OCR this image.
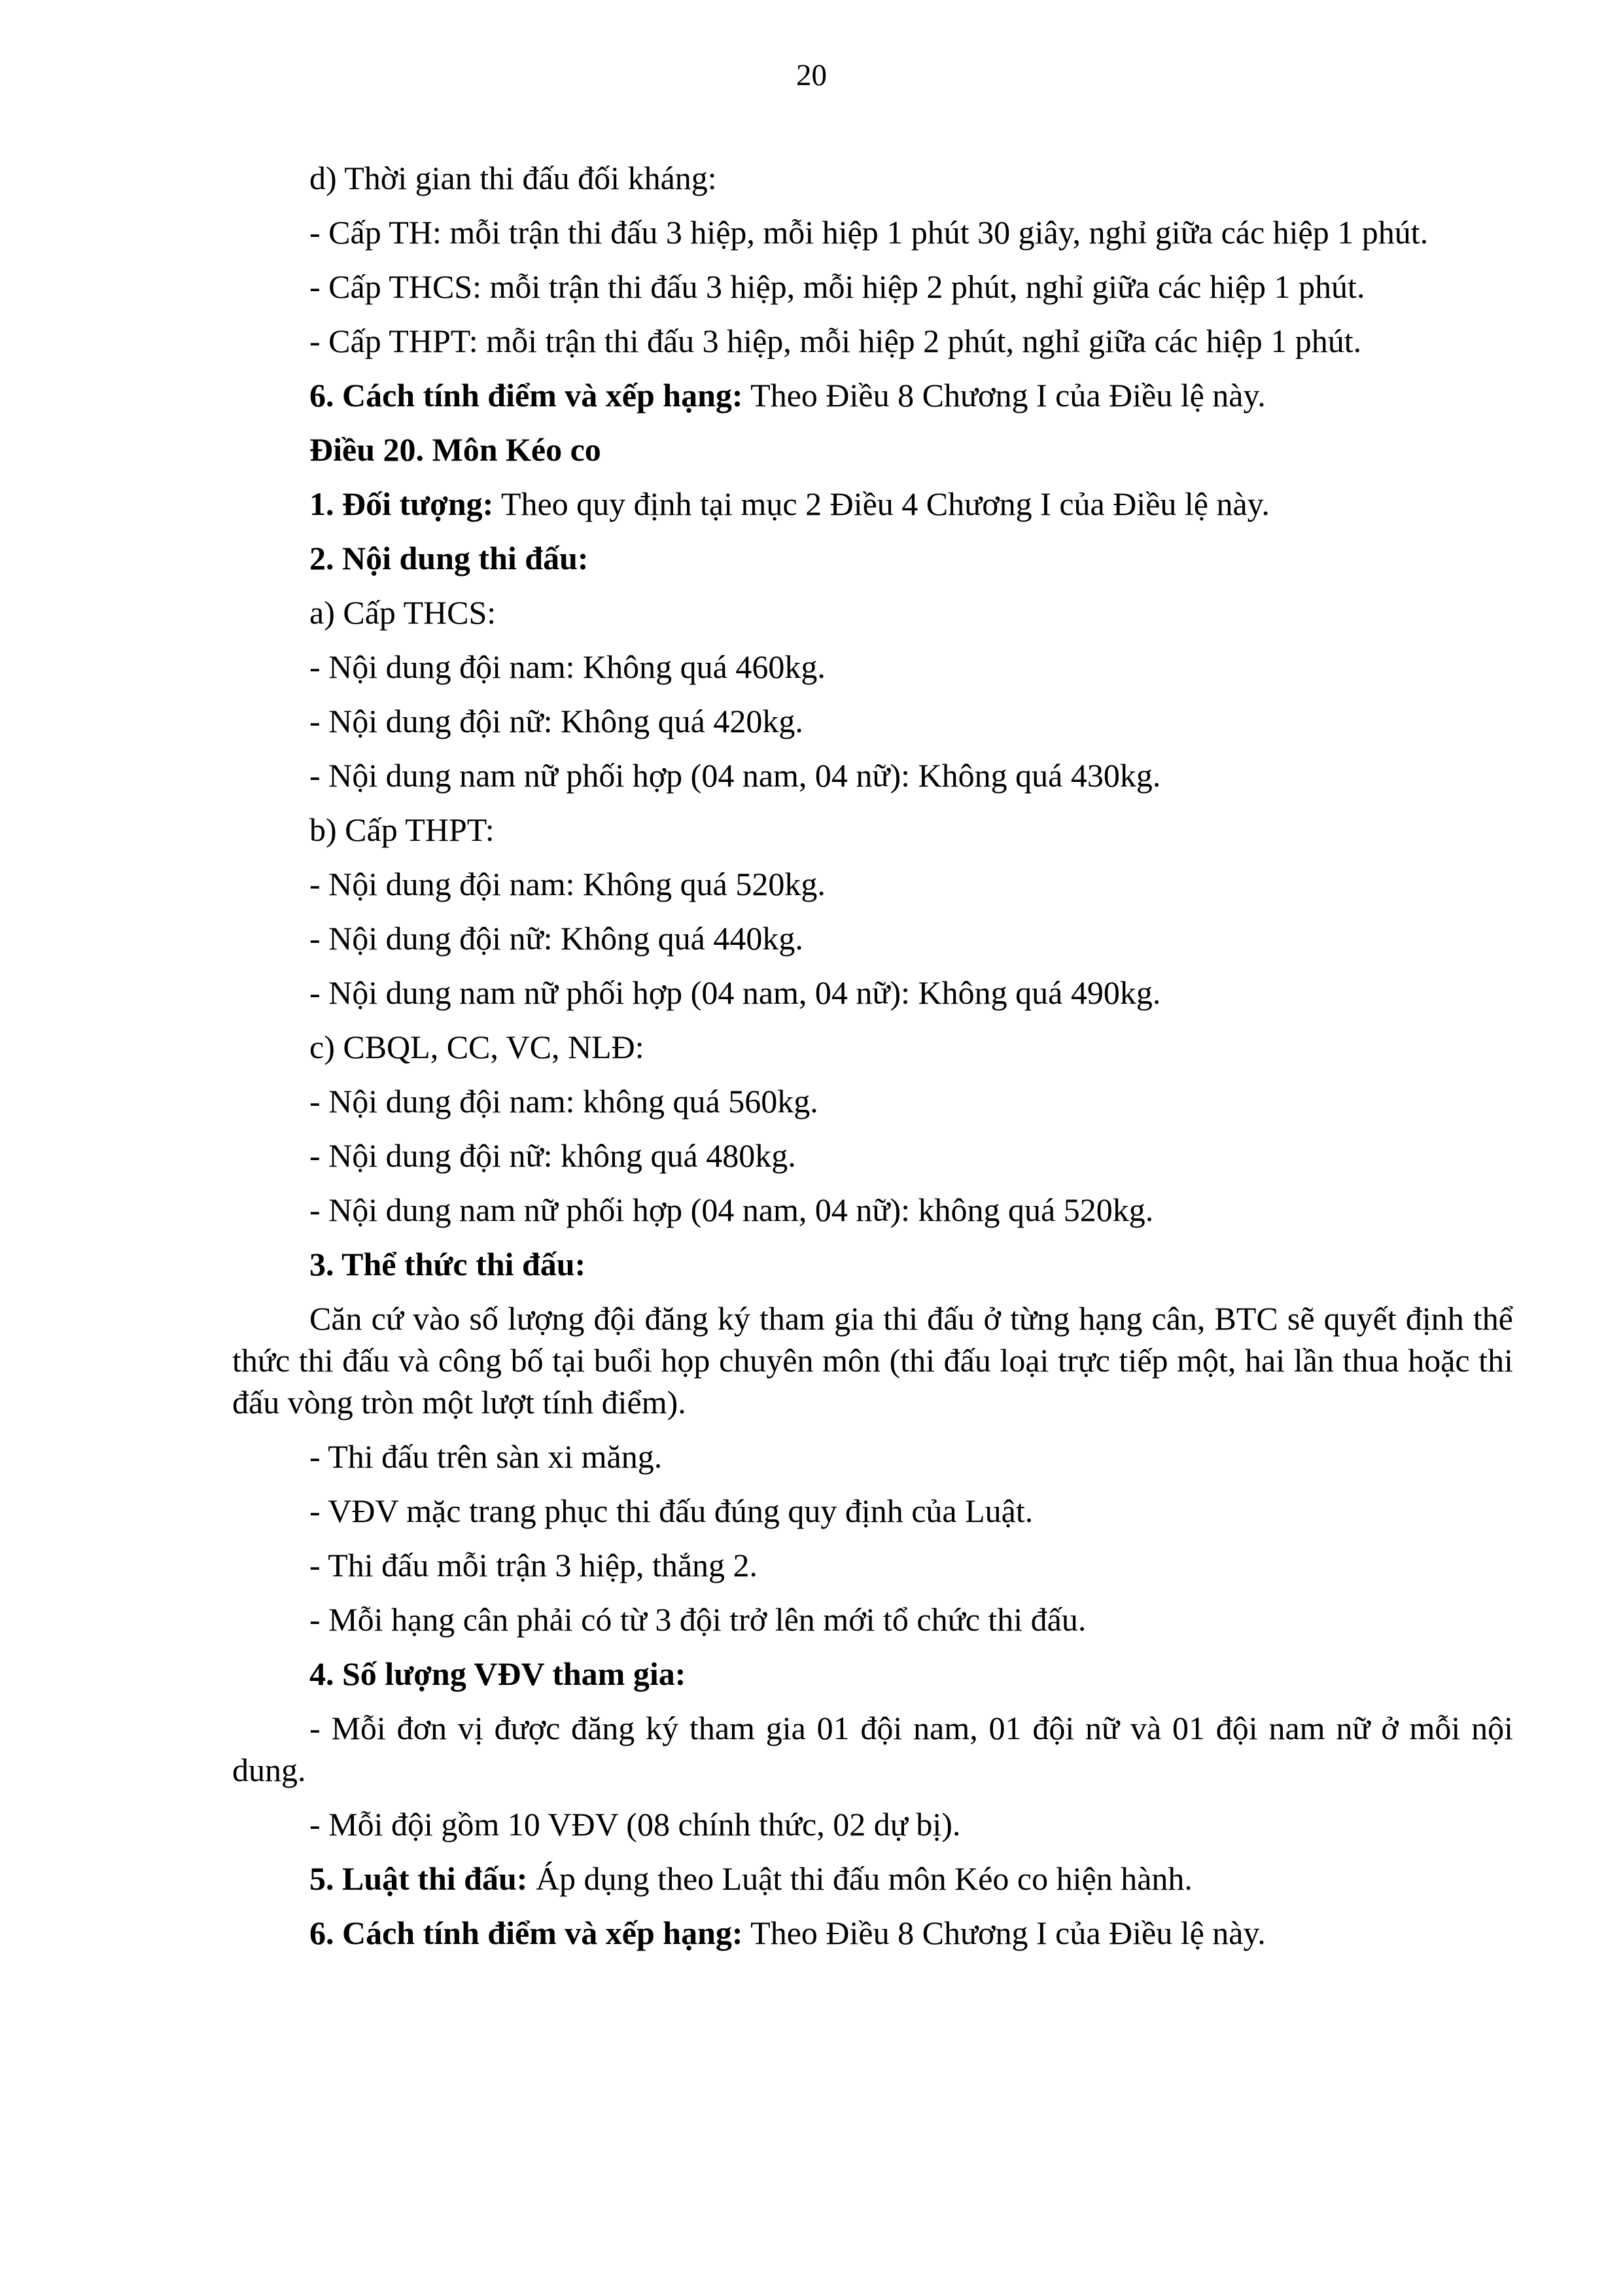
20

d) Thời gian thi đấu đối kháng:

- Cấp TH: mỗi trận thi đấu 3 hiệp, mỗi hiệp 1 phút 30 giây, nghỉ giữa các hiệp 1 phút.

- Cấp THCS: mỗi trận thi đấu 3 hiệp, mỗi hiệp 2 phút, nghỉ giữa các hiệp 1 phút.

- Cấp THPT: mỗi trận thi đấu 3 hiệp, mỗi hiệp 2 phút, nghỉ giữa các hiệp 1 phút.

6. Cách tính điểm và xếp hạng: Theo Điều 8 Chương I của Điều lệ này.

Điều 20. Môn Kéo co

1. Đối tượng: Theo quy định tại mục 2 Điều 4 Chương I của Điều lệ này.

2. Nội dung thi đấu:

a) Cấp THCS:

- Nội dung đội nam: Không quá 460kg.

- Nội dung đội nữ: Không quá 420kg.

- Nội dung nam nữ phối hợp (04 nam, 04 nữ): Không quá 430kg.

b) Cấp THPT:

- Nội dung đội nam: Không quá 520kg.

- Nội dung đội nữ: Không quá 440kg.

- Nội dung nam nữ phối hợp (04 nam, 04 nữ): Không quá 490kg.

c) CBQL, CC, VC, NLĐ:

- Nội dung đội nam: không quá 560kg.

- Nội dung đội nữ: không quá 480kg.

- Nội dung nam nữ phối hợp (04 nam, 04 nữ): không quá 520kg.

3. Thể thức thi đấu:

Căn cứ vào số lượng đội đăng ký tham gia thi đấu ở từng hạng cân, BTC sẽ quyết định thể thức thi đấu và công bố tại buổi họp chuyên môn (thi đấu loại trực tiếp một, hai lần thua hoặc thi đấu vòng tròn một lượt tính điểm).

- Thi đấu trên sàn xi măng.

- VĐV mặc trang phục thi đấu đúng quy định của Luật.

- Thi đấu mỗi trận 3 hiệp, thắng 2.

- Mỗi hạng cân phải có từ 3 đội trở lên mới tổ chức thi đấu.

4. Số lượng VĐV tham gia:

- Mỗi đơn vị được đăng ký tham gia 01 đội nam, 01 đội nữ và 01 đội nam nữ ở mỗi nội dung.

- Mỗi đội gồm 10 VĐV (08 chính thức, 02 dự bị).

5. Luật thi đấu: Áp dụng theo Luật thi đấu môn Kéo co hiện hành.

6. Cách tính điểm và xếp hạng: Theo Điều 8 Chương I của Điều lệ này.
